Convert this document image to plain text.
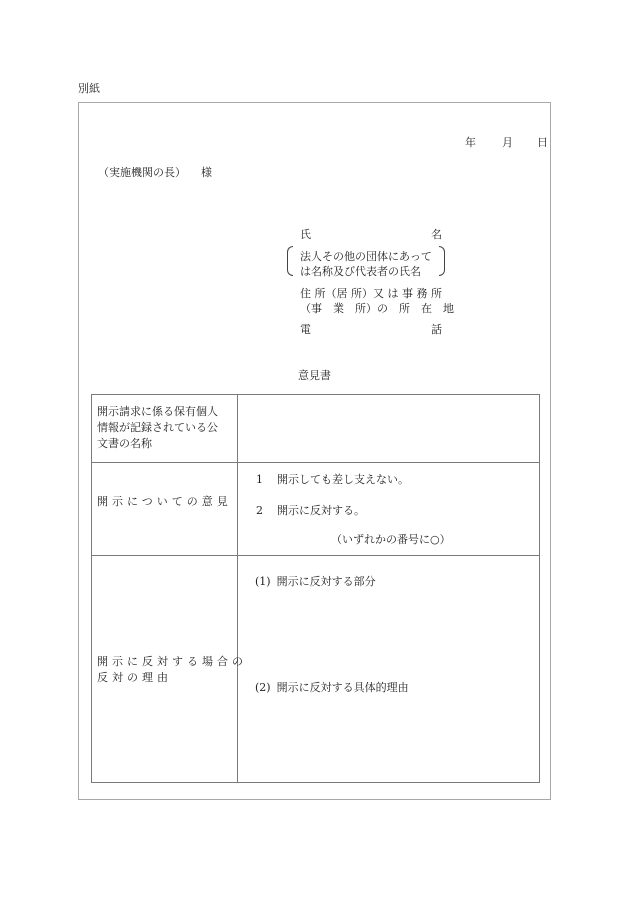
別紙
年 月 日
（実施機関の長） 様
氏	名
法人その他の団体にあって
は名称及び代表者の氏名
住 所（居 所）又 は 事 務 所
（事　業　所）の　所　在　地
電	話
意見書
開示請求に係る保有個人
情報が記録されている公
文書の名称
開示についての意見
1 開示しても差し支えない。
2 開示に反対する。
（いずれかの番号に○）
開示に反対する場合の
反対の理由
(1) 開示に反対する部分
(2) 開示に反対する具体的理由
